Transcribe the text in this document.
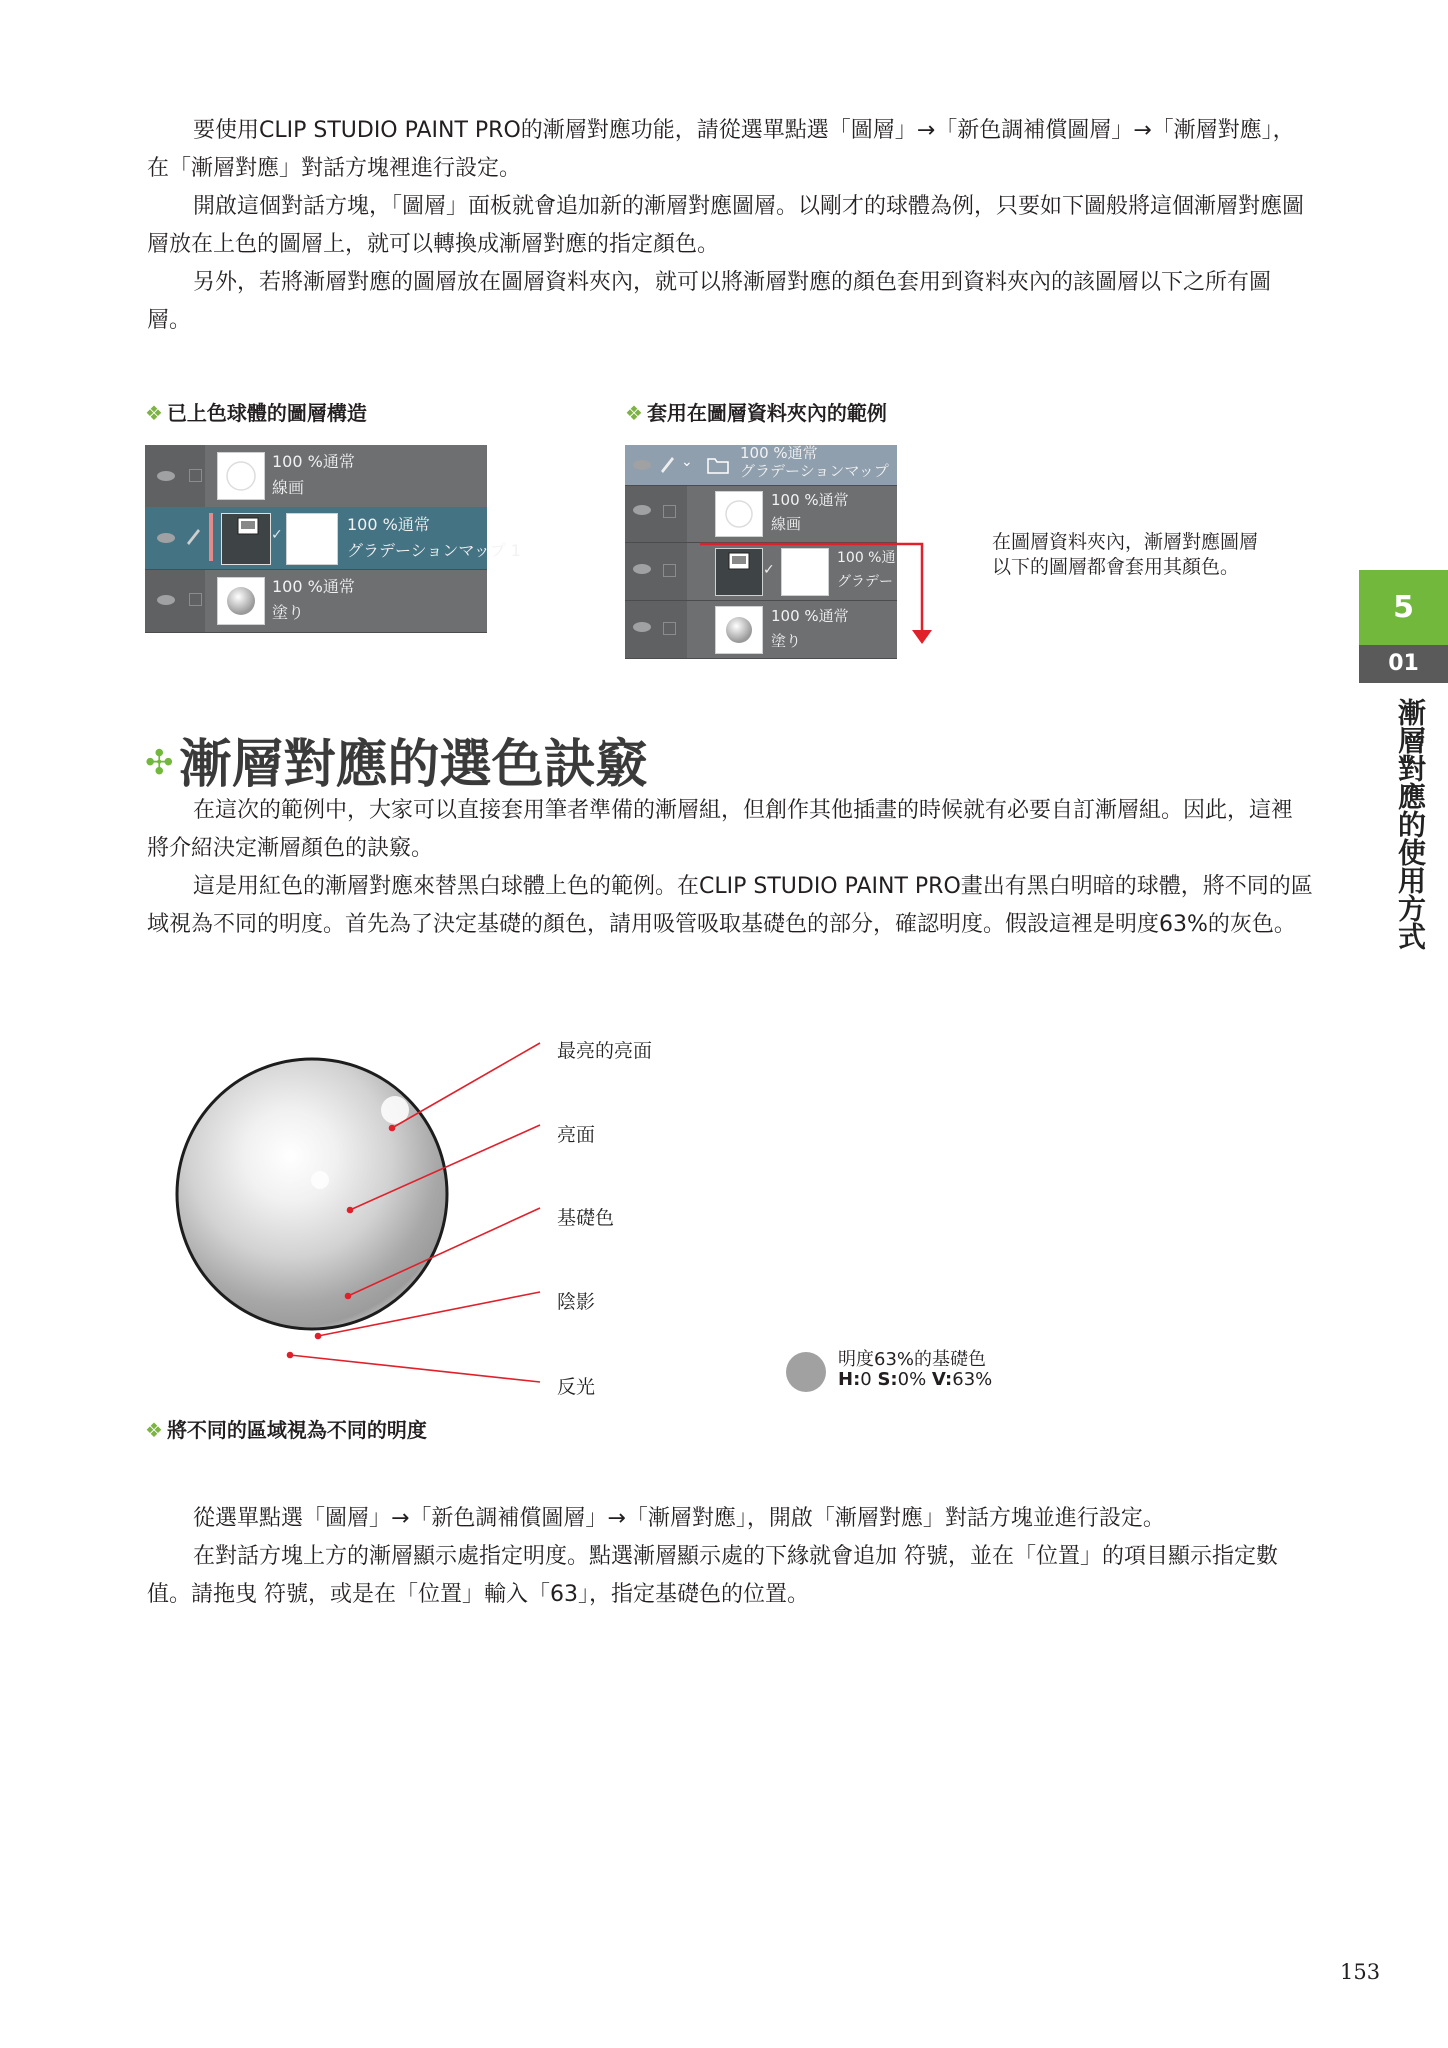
要使用CLIP STUDIO PAINT PRO的漸層對應功能，請從選單點選「圖層」→「新色調補償圖層」→「漸層對應」，在「漸層對應」對話方塊裡進行設定。

開啟這個對話方塊，「圖層」面板就會追加新的漸層對應圖層。以剛才的球體為例，只要如下圖般將這個漸層對應圖層放在上色的圖層上，就可以轉換成漸層對應的指定顏色。

另外，若將漸層對應的圖層放在圖層資料夾內，就可以將漸層對應的顏色套用到資料夾內的該圖層以下之所有圖層。

❖ 已上色球體的圖層構造	❖ 套用在圖層資料夾內的範例
100 %通常
線画
✓
100 %通常
グラデーションマップ 1
100 %通常
塗り
⌄	100 %通常
グラデーションマップ
100 %通常
線画
✓
100 %通
グラデー
100 %通常
塗り
在圖層資料夾內，漸層對應圖層以下的圖層都會套用其顏色。
5
01
漸層對應的使用方式
✣ 漸層對應的選色訣竅

在這次的範例中，大家可以直接套用筆者準備的漸層組，但創作其他插畫的時候就有必要自訂漸層組。因此，這裡將介紹決定漸層顏色的訣竅。

這是用紅色的漸層對應來替黑白球體上色的範例。在CLIP STUDIO PAINT PRO畫出有黑白明暗的球體，將不同的區域視為不同的明度。首先為了決定基礎的顏色，請用吸管吸取基礎色的部分，確認明度。假設這裡是明度63%的灰色。

最亮的亮面
亮面
基礎色
陰影
反光
明度63%的基礎色
H:0 S:0% V:63%
❖ 將不同的區域視為不同的明度

從選單點選「圖層」→「新色調補償圖層」→「漸層對應」，開啟「漸層對應」對話方塊並進行設定。

在對話方塊上方的漸層顯示處指定明度。點選漸層顯示處的下緣就會追加 符號，並在「位置」的項目顯示指定數值。請拖曳 符號，或是在「位置」輸入「63」，指定基礎色的位置。

153
